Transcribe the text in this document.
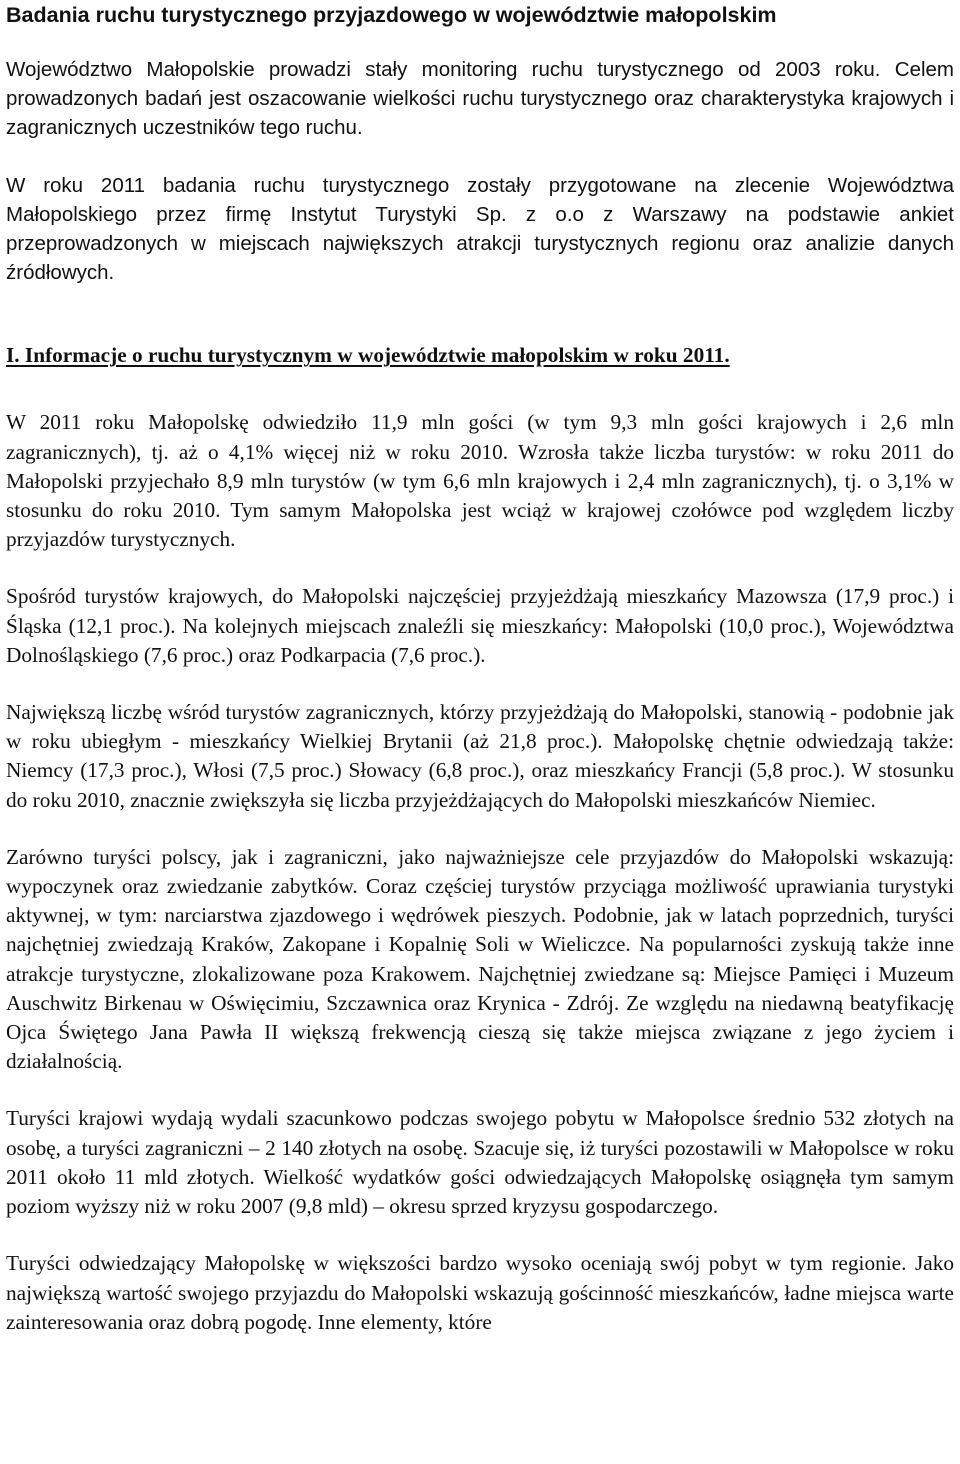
Badania ruchu turystycznego przyjazdowego w województwie małopolskim

Województwo Małopolskie prowadzi stały monitoring ruchu turystycznego od 2003 roku. Celem prowadzonych badań jest oszacowanie wielkości ruchu turystycznego oraz charakterystyka krajowych i zagranicznych uczestników tego ruchu.

W roku 2011 badania ruchu turystycznego zostały przygotowane na zlecenie Województwa Małopolskiego przez firmę Instytut Turystyki Sp. z o.o z Warszawy na podstawie ankiet przeprowadzonych w miejscach największych atrakcji turystycznych regionu oraz analizie danych źródłowych.

I. Informacje o ruchu turystycznym w województwie małopolskim w roku 2011.

W 2011 roku Małopolskę odwiedziło 11,9 mln gości (w tym 9,3 mln gości krajowych i 2,6 mln zagranicznych), tj. aż o 4,1% więcej niż w roku 2010. Wzrosła także liczba turystów: w roku 2011 do Małopolski przyjechało 8,9 mln turystów (w tym 6,6 mln krajowych i 2,4 mln zagranicznych), tj. o 3,1% w stosunku do roku 2010. Tym samym Małopolska jest wciąż w krajowej czołówce pod względem liczby przyjazdów turystycznych.

Spośród turystów krajowych, do Małopolski najczęściej przyjeżdżają mieszkańcy Mazowsza (17,9 proc.) i Śląska (12,1 proc.). Na kolejnych miejscach znaleźli się mieszkańcy: Małopolski (10,0 proc.), Województwa Dolnośląskiego (7,6 proc.) oraz Podkarpacia (7,6 proc.).

Największą liczbę wśród turystów zagranicznych, którzy przyjeżdżają do Małopolski, stanowią - podobnie jak w roku ubiegłym - mieszkańcy Wielkiej Brytanii (aż 21,8 proc.). Małopolskę chętnie odwiedzają także: Niemcy (17,3 proc.), Włosi (7,5 proc.) Słowacy (6,8 proc.), oraz mieszkańcy Francji (5,8 proc.). W stosunku do roku 2010, znacznie zwiększyła się liczba przyjeżdżających do Małopolski mieszkańców Niemiec.

Zarówno turyści polscy, jak i zagraniczni, jako najważniejsze cele przyjazdów do Małopolski wskazują: wypoczynek oraz zwiedzanie zabytków. Coraz częściej turystów przyciąga możliwość uprawiania turystyki aktywnej, w tym: narciarstwa zjazdowego i wędrówek pieszych. Podobnie, jak w latach poprzednich, turyści najchętniej zwiedzają Kraków, Zakopane i Kopalnię Soli w Wieliczce. Na popularności zyskują także inne atrakcje turystyczne, zlokalizowane poza Krakowem. Najchętniej zwiedzane są: Miejsce Pamięci i Muzeum Auschwitz Birkenau w Oświęcimiu, Szczawnica oraz Krynica - Zdrój. Ze względu na niedawną beatyfikację Ojca Świętego Jana Pawła II większą frekwencją cieszą się także miejsca związane z jego życiem i działalnością.

Turyści krajowi wydają wydali szacunkowo podczas swojego pobytu w Małopolsce średnio 532 złotych na osobę, a turyści zagraniczni – 2 140 złotych na osobę. Szacuje się, iż turyści pozostawili w Małopolsce w roku 2011 około 11 mld złotych. Wielkość wydatków gości odwiedzających Małopolskę osiągnęła tym samym poziom wyższy niż w roku 2007 (9,8 mld) – okresu sprzed kryzysu gospodarczego.

Turyści odwiedzający Małopolskę w większości bardzo wysoko oceniają swój pobyt w tym regionie. Jako największą wartość swojego przyjazdu do Małopolski wskazują gościnność mieszkańców, ładne miejsca warte zainteresowania oraz dobrą pogodę. Inne elementy, które
